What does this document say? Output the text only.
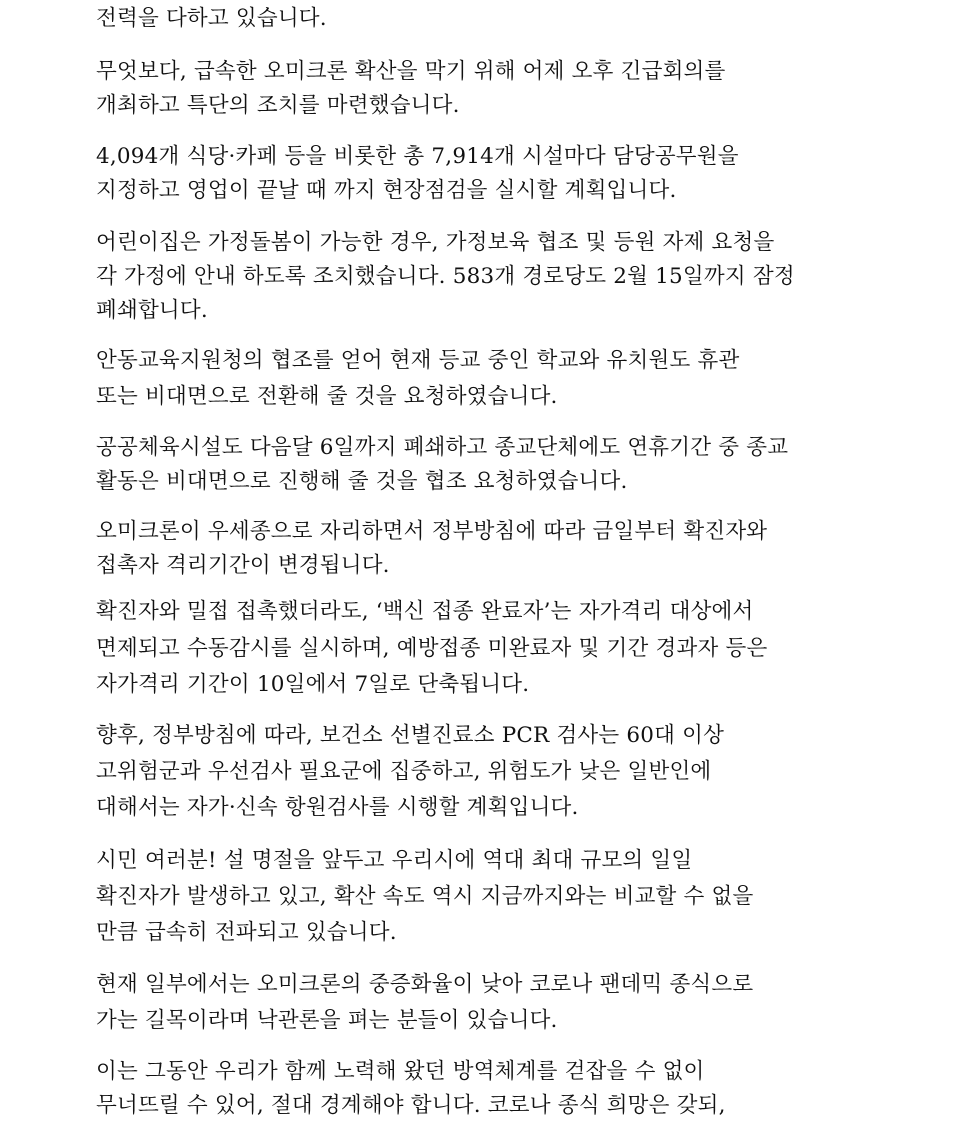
전력을 다하고 있습니다.
무엇보다, 급속한 오미크론 확산을 막기 위해 어제 오후 긴급회의를
개최하고 특단의 조치를 마련했습니다.
4,094개 식당·카페 등을 비롯한 총 7,914개 시설마다 담당공무원을
지정하고 영업이 끝날 때 까지 현장점검을 실시할 계획입니다.
어린이집은 가정돌봄이 가능한 경우, 가정보육 협조 및 등원 자제 요청을
각 가정에 안내 하도록 조치했습니다. 583개 경로당도 2월 15일까지 잠정
폐쇄합니다.
안동교육지원청의 협조를 얻어 현재 등교 중인 학교와 유치원도 휴관
또는 비대면으로 전환해 줄 것을 요청하였습니다.
공공체육시설도 다음달 6일까지 폐쇄하고 종교단체에도 연휴기간 중 종교
활동은 비대면으로 진행해 줄 것을 협조 요청하였습니다.
오미크론이 우세종으로 자리하면서 정부방침에 따라 금일부터 확진자와
접촉자 격리기간이 변경됩니다.
확진자와 밀접 접촉했더라도, ‘백신 접종 완료자’는 자가격리 대상에서
면제되고 수동감시를 실시하며, 예방접종 미완료자 및 기간 경과자 등은
자가격리 기간이 10일에서 7일로 단축됩니다.
향후, 정부방침에 따라, 보건소 선별진료소 PCR 검사는 60대 이상
고위험군과 우선검사 필요군에 집중하고, 위험도가 낮은 일반인에
대해서는 자가·신속 항원검사를 시행할 계획입니다.
시민 여러분! 설 명절을 앞두고 우리시에 역대 최대 규모의 일일
확진자가 발생하고 있고, 확산 속도 역시 지금까지와는 비교할 수 없을
만큼 급속히 전파되고 있습니다.
현재 일부에서는 오미크론의 중증화율이 낮아 코로나 팬데믹 종식으로
가는 길목이라며 낙관론을 펴는 분들이 있습니다.
이는 그동안 우리가 함께 노력해 왔던 방역체계를 걷잡을 수 없이
무너뜨릴 수 있어, 절대 경계해야 합니다. 코로나 종식 희망은 갖되,
